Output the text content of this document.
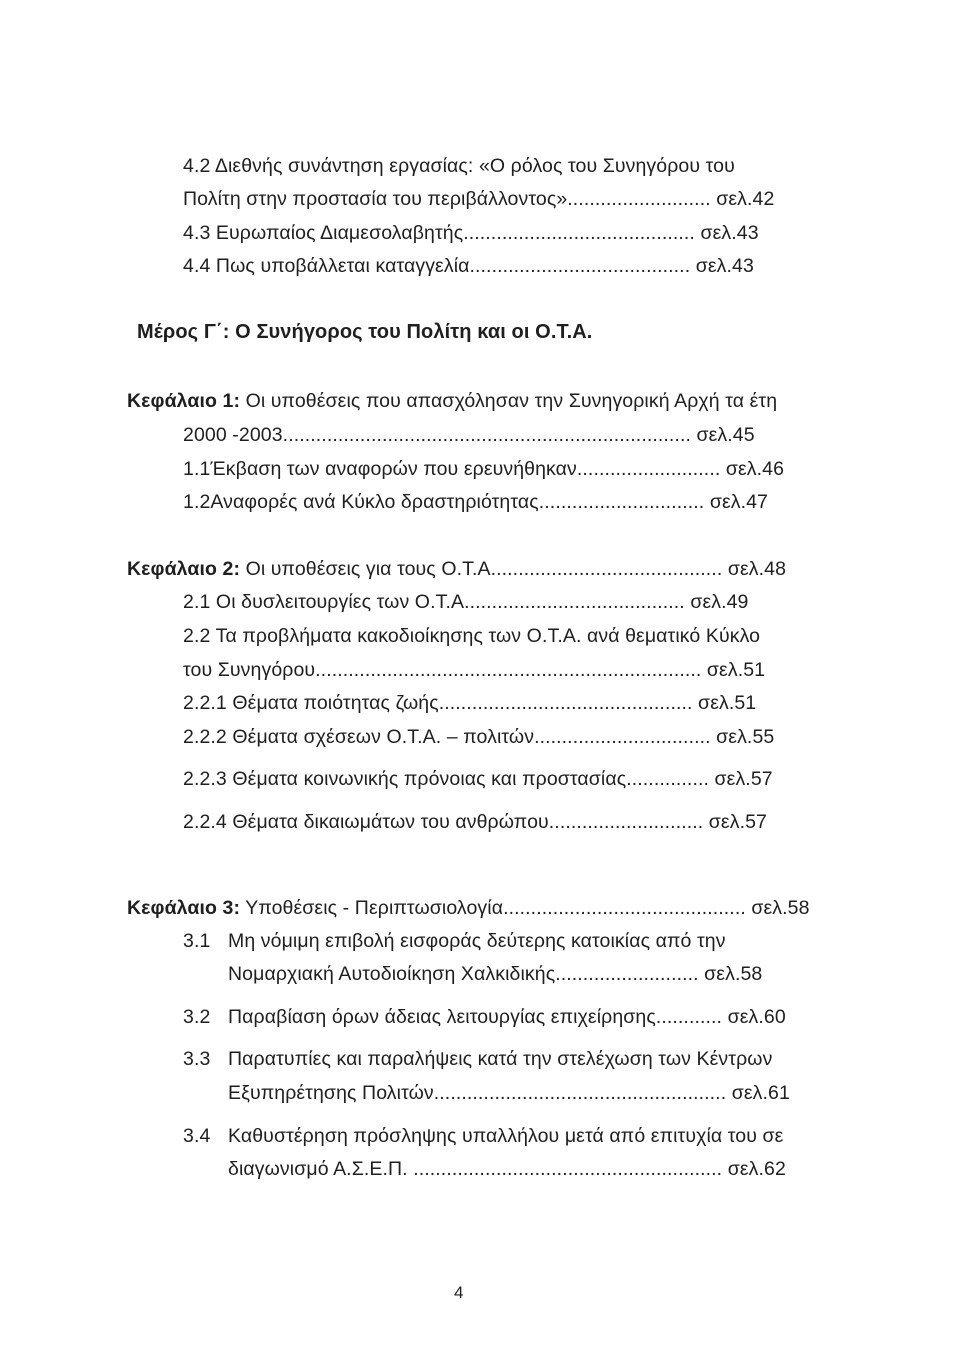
4.2 Διεθνής συνάντηση εργασίας: «Ο ρόλος του Συνηγόρου του
Πολίτη στην προστασία του περιβάλλοντος».......................... σελ.42
4.3 Ευρωπαίος Διαμεσολαβητής.......................................... σελ.43
4.4 Πως υποβάλλεται καταγγελία........................................ σελ.43
Μέρος Γ΄: Ο Συνήγορος του Πολίτη και οι Ο.Τ.Α.
Κεφάλαιο 1: Οι υποθέσεις που απασχόλησαν την Συνηγορική Αρχή τα έτη
2000 -2003.......................................................................... σελ.45
1.1Έκβαση των αναφορών που ερευνήθηκαν.......................... σελ.46
1.2Αναφορές ανά Κύκλο δραστηριότητας.............................. σελ.47
Κεφάλαιο 2: Οι υποθέσεις για τους Ο.Τ.Α.......................................... σελ.48
2.1 Οι δυσλειτουργίες των Ο.Τ.Α........................................ σελ.49
2.2 Τα προβλήματα κακοδιοίκησης των Ο.Τ.Α. ανά θεματικό Κύκλο
του Συνηγόρου...................................................................... σελ.51
2.2.1 Θέματα ποιότητας ζωής.............................................. σελ.51
2.2.2 Θέματα σχέσεων Ο.Τ.Α. – πολιτών................................ σελ.55
2.2.3 Θέματα κοινωνικής πρόνοιας και προστασίας............... σελ.57
2.2.4 Θέματα δικαιωμάτων του ανθρώπου............................ σελ.57
Κεφάλαιο 3: Υποθέσεις - Περιπτωσιολογία............................................ σελ.58
3.1 Μη νόμιμη επιβολή εισφοράς δεύτερης κατοικίας από την
Νομαρχιακή Αυτοδιοίκηση Χαλκιδικής.......................... σελ.58
3.2 Παραβίαση όρων άδειας λειτουργίας επιχείρησης............ σελ.60
3.3 Παρατυπίες και παραλήψεις κατά την στελέχωση των Κέντρων
Εξυπηρέτησης Πολιτών..................................................... σελ.61
3.4 Καθυστέρηση πρόσληψης υπαλλήλου μετά από επιτυχία του σε
διαγωνισμό Α.Σ.Ε.Π. ........................................................ σελ.62
4
